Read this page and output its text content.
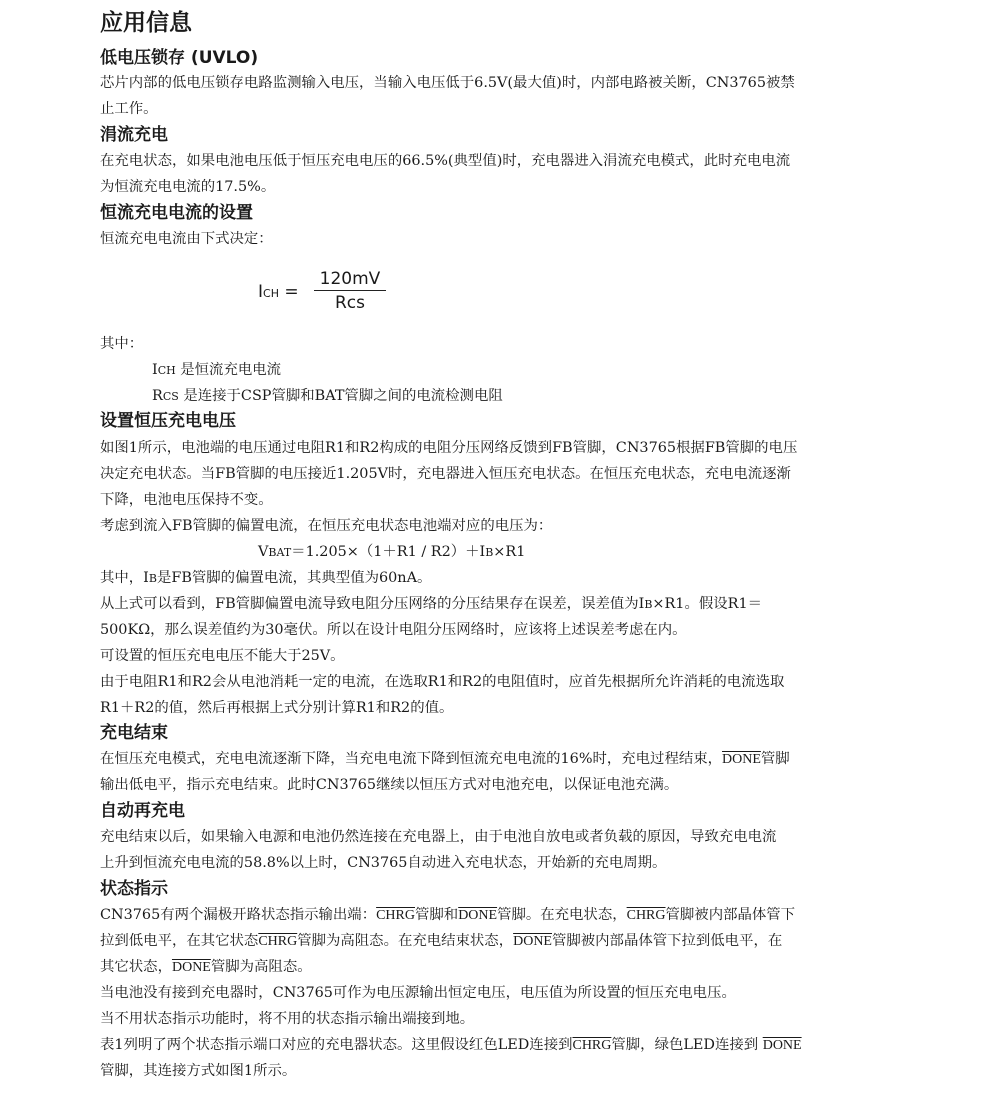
应用信息
低电压锁存 (UVLO)

芯片内部的低电压锁存电路监测输入电压，当输入电压低于6.5V(最大值)时，内部电路被关断，CN3765被禁

止工作。

涓流充电

在充电状态，如果电池电压低于恒压充电电压的66.5%(典型值)时，充电器进入涓流充电模式，此时充电电流

为恒流充电电流的17.5%。

恒流充电电流的设置

恒流充电电流由下式决定：

ICH =
120mV
Rcs

其中：

ICH 是恒流充电电流

RCS 是连接于CSP管脚和BAT管脚之间的电流检测电阻

设置恒压充电电压

如图1所示，电池端的电压通过电阻R1和R2构成的电阻分压网络反馈到FB管脚，CN3765根据FB管脚的电压

决定充电状态。当FB管脚的电压接近1.205V时，充电器进入恒压充电状态。在恒压充电状态，充电电流逐渐

下降，电池电压保持不变。

考虑到流入FB管脚的偏置电流，在恒压充电状态电池端对应的电压为：

VBAT＝1.205×（1＋R1 / R2）＋IB×R1

其中，IB是FB管脚的偏置电流，其典型值为60nA。

从上式可以看到，FB管脚偏置电流导致电阻分压网络的分压结果存在误差，误差值为IB×R1。假设R1＝

500KΩ，那么误差值约为30毫伏。所以在设计电阻分压网络时，应该将上述误差考虑在内。

可设置的恒压充电电压不能大于25V。

由于电阻R1和R2会从电池消耗一定的电流，在选取R1和R2的电阻值时，应首先根据所允许消耗的电流选取

R1＋R2的值，然后再根据上式分别计算R1和R2的值。

充电结束

在恒压充电模式，充电电流逐渐下降，当充电电流下降到恒流充电电流的16%时，充电过程结束，DONE管脚

输出低电平，指示充电结束。此时CN3765继续以恒压方式对电池充电，以保证电池充满。

自动再充电

充电结束以后，如果输入电源和电池仍然连接在充电器上，由于电池自放电或者负载的原因，导致充电电流

上升到恒流充电电流的58.8%以上时，CN3765自动进入充电状态，开始新的充电周期。

状态指示

CN3765有两个漏极开路状态指示输出端：CHRG管脚和DONE管脚。在充电状态，CHRG管脚被内部晶体管下

拉到低电平，在其它状态CHRG管脚为高阻态。在充电结束状态，DONE管脚被内部晶体管下拉到低电平，在

其它状态，DONE管脚为高阻态。

当电池没有接到充电器时，CN3765可作为电压源输出恒定电压，电压值为所设置的恒压充电电压。

当不用状态指示功能时，将不用的状态指示输出端接到地。

表1列明了两个状态指示端口对应的充电器状态。这里假设红色LED连接到CHRG管脚，绿色LED连接到 DONE

管脚，其连接方式如图1所示。
